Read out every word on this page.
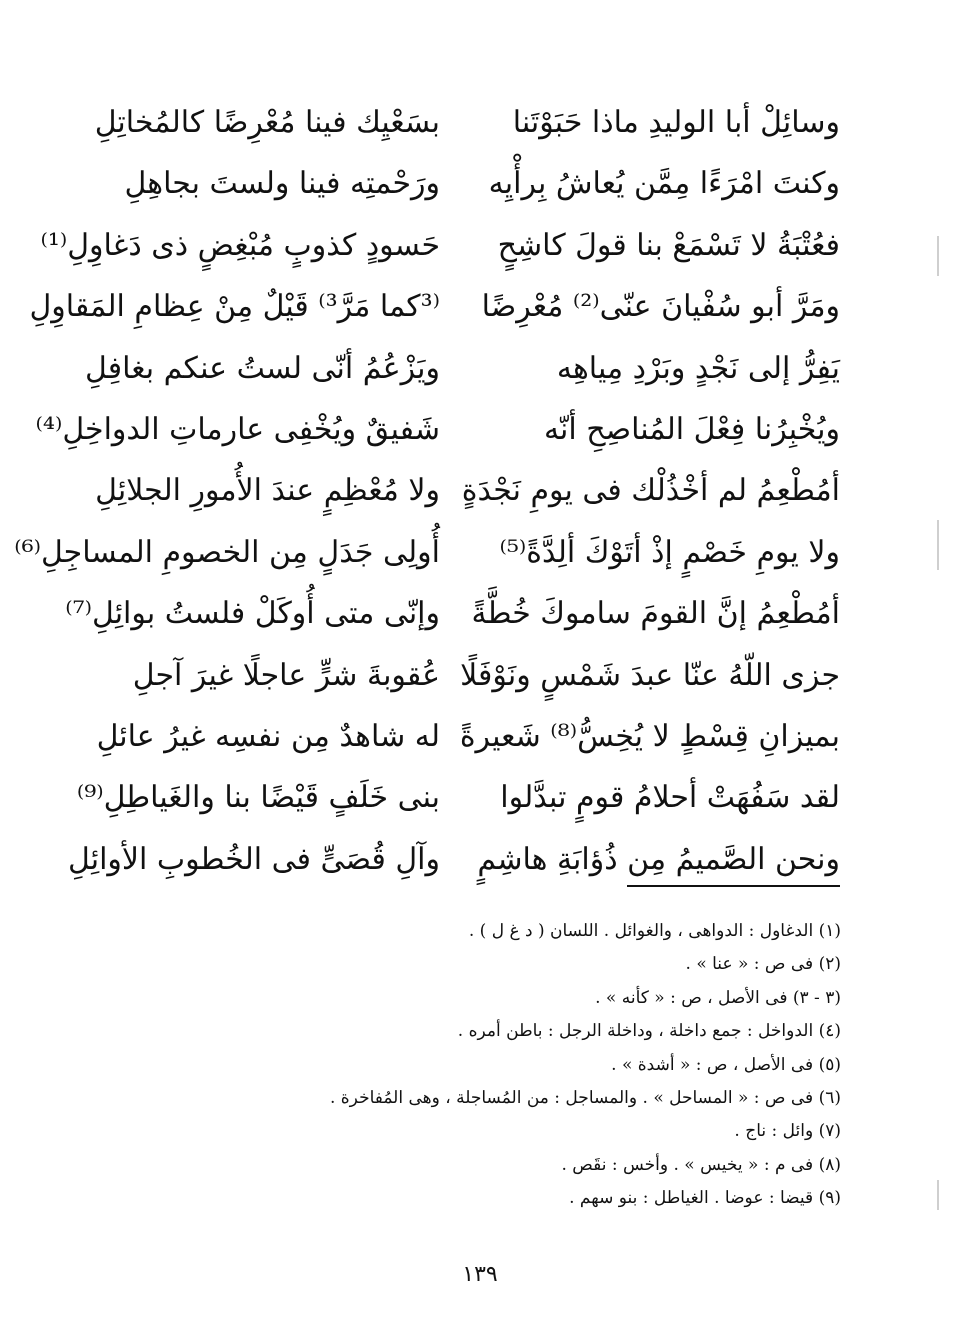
وسائِلْ أبا الوليدِ ماذا حَبَوْتَنا
بسَعْيِك فينا مُعْرِضًا كالمُخاتِلِ
وكنتَ امْرَءًا مِمَّن يُعاشُ بِرأْيِه
ورَحْمتِه فينا ولستَ بجاهِلِ
فعُتْبَةُ لا تَسْمَعْ بنا قولَ كاشِحٍ
حَسودٍ كذوبٍ مُبْغِضٍ ذى دَغاوِلِ⁽¹⁾
ومَرَّ أبو سُفْيانَ عنّى⁽²⁾ مُعْرِضًا
⁽³كما مَرَّ³⁾ قَيْلٌ مِنْ عِظامِ المَقاوِلِ
يَفِرُّ إلى نَجْدٍ وبَرْدِ مِياهِه
ويَزْعُمُ أنّى لستُ عنكم بغافِلِ
ويُخْبِرُنا فِعْلَ المُناصِحِ أنّه
شَفيقٌ ويُخْفِى عارماتِ الدواخِلِ⁽⁴⁾
أمُطْعِمُ لم أخْذُلْك فى يومِ نَجْدَةٍ
ولا مُعْظِمٍ عندَ الأُمورِ الجلائِلِ
ولا يومِ خَصْمٍ إذْ أتَوْكَ ألِدَّةً⁽⁵⁾
أُولِى جَدَلٍ مِن الخصومِ المساجِلِ⁽⁶⁾
أمُطْعِمُ إنَّ القومَ ساموكَ خُطَّةً
وإنّى متى أُوكَلْ فلستُ بوائِلِ⁽⁷⁾
جزى اللّهُ عنّا عبدَ شَمْسٍ ونَوْفَلًا
عُقوبةَ شرٍّ عاجلًا غيرَ آجلِ
بميزانِ قِسْطٍ لا يُخِسُّ⁽⁸⁾ شَعيرةً
له شاهدٌ مِن نفسِه غيرُ عائلِ
لقد سَفُهَتْ أحلامُ قومٍ تبدَّلوا
بنى خَلَفٍ قَيْضًا بنا والغَياطِلِ⁽⁹⁾
ونحن الصَّميمُ مِن ذُؤابَةِ هاشِمٍ
وآلِ قُصَىٍّ فى الخُطوبِ الأوائِلِ
(١) الدغاول : الدواهى ، والغوائل . اللسان ( د غ ل ) .
(٢) فى ص : « عنا » .
(٣ - ٣) فى الأصل ، ص : « كأنه » .
(٤) الدواخل : جمع داخلة ، وداخلة الرجل : باطن أمره .
(٥) فى الأصل ، ص : « أشدة » .
(٦) فى ص : « المساحل » . والمساجل : من المُساجلة ، وهى المُفاخرة .
(٧) وائل : ناج .
(٨) فى م : « يخيس » . وأخس : نقَص .
(٩) قيضا : عوضا . الغياطل : بنو سهم .
١٣٩
